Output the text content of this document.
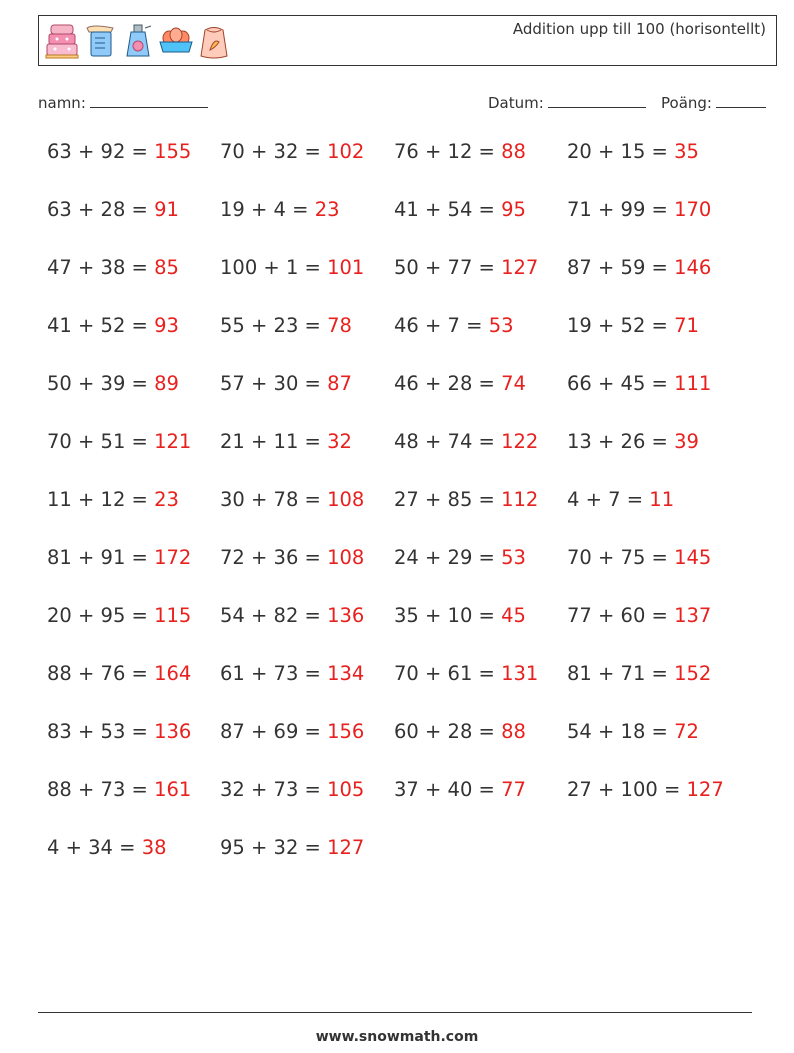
Addition upp till 100 (horisontellt)
namn:	Datum:	Poäng:
63 + 92 = 155 70 + 32 = 102 76 + 12 = 88 20 + 15 = 35
63 + 28 = 91 19 + 4 = 23	41 + 54 = 95 71 + 99 = 170
47 + 38 = 85 100 + 1 = 101 50 + 77 = 127 87 + 59 = 146
41 + 52 = 93 55 + 23 = 78 46 + 7 = 53	19 + 52 = 71
50 + 39 = 89 57 + 30 = 87 46 + 28 = 74 66 + 45 = 111
70 + 51 = 121 21 + 11 = 32 48 + 74 = 122 13 + 26 = 39
11 + 12 = 23 30 + 78 = 108 27 + 85 = 112 4 + 7 = 11
81 + 91 = 172 72 + 36 = 108 24 + 29 = 53 70 + 75 = 145
20 + 95 = 115 54 + 82 = 136 35 + 10 = 45 77 + 60 = 137
88 + 76 = 164 61 + 73 = 134 70 + 61 = 131 81 + 71 = 152
83 + 53 = 136 87 + 69 = 156 60 + 28 = 88 54 + 18 = 72
88 + 73 = 161 32 + 73 = 105 37 + 40 = 77 27 + 100 = 127
4 + 34 = 38	95 + 32 = 127
www.snowmath.com
